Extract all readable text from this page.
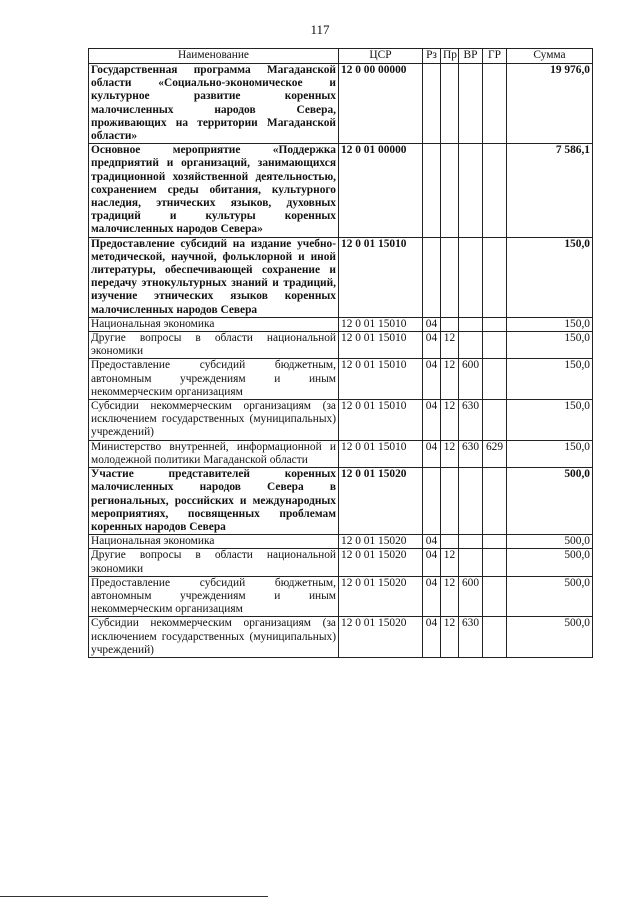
117
Наименование	ЦСР	Рз	Пр	ВР	ГР	Сумма
Государственная программа Магаданской области «Социально-экономическое и культурное развитие коренных малочисленных народов Севера, проживающих на территории Магаданской области»	12 0 00 00000					19 976,0
Основное мероприятие «Поддержка предприятий и организаций, занимающихся традиционной хозяйственной деятельностью, сохранением среды обитания, культурного наследия, этнических языков, духовных традиций и культуры коренных малочисленных народов Севера»	12 0 01 00000					7 586,1
Предоставление субсидий на издание учебно-методической, научной, фольклорной и иной литературы, обеспечивающей сохранение и передачу этнокультурных знаний и традиций, изучение этнических языков коренных малочисленных народов Севера	12 0 01 15010					150,0
Национальная экономика	12 0 01 15010	04				150,0
Другие вопросы в области национальной экономики	12 0 01 15010	04	12			150,0
Предоставление субсидий бюджетным, автономным учреждениям и иным некоммерческим организациям	12 0 01 15010	04	12	600		150,0
Субсидии некоммерческим организациям (за исключением государственных (муниципальных) учреждений)	12 0 01 15010	04	12	630		150,0
Министерство внутренней, информационной и молодежной политики Магаданской области	12 0 01 15010	04	12	630	629	150,0
Участие представителей коренных малочисленных народов Севера в региональных, российских и международных мероприятиях, посвященных проблемам коренных народов Севера	12 0 01 15020					500,0
Национальная экономика	12 0 01 15020	04				500,0
Другие вопросы в области национальной экономики	12 0 01 15020	04	12			500,0
Предоставление субсидий бюджетным, автономным учреждениям и иным некоммерческим организациям	12 0 01 15020	04	12	600		500,0
Субсидии некоммерческим организациям (за исключением государственных (муниципальных) учреждений)	12 0 01 15020	04	12	630		500,0
